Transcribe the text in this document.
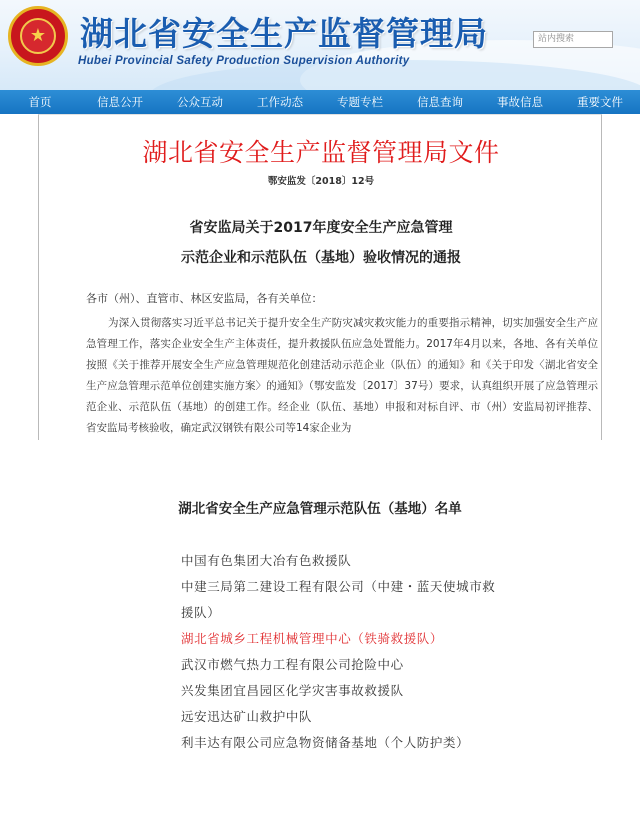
★	湖北省安全生产监督管理局
Hubei Provincial Safety Production Supervision Authority
站内搜索
首页	信息公开	公众互动	工作动态	专题专栏	信息查询	事故信息	重要文件
湖北省安全生产监督管理局文件
鄂安监发〔2018〕12号
省安监局关于2017年度安全生产应急管理
示范企业和示范队伍（基地）验收情况的通报
各市（州）、直管市、林区安监局，各有关单位：

为深入贯彻落实习近平总书记关于提升安全生产防灾减灾救灾能力的重要指示精神，切实加强安全生产应急管理工作，落实企业安全生产主体责任，提升救援队伍应急处置能力。2017年4月以来，各地、各有关单位按照《关于推荐开展安全生产应急管理规范化创建活动示范企业（队伍）的通知》和《关于印发〈湖北省安全生产应急管理示范单位创建实施方案〉的通知》（鄂安监发〔2017〕37号）要求，认真组织开展了应急管理示范企业、示范队伍（基地）的创建工作。经企业（队伍、基地）申报和对标自评、市（州）安监局初评推荐、省安监局考核验收，确定武汉钢铁有限公司等14家企业为

湖北省安全生产应急管理示范队伍（基地）名单
中国有色集团大冶有色救援队
中建三局第二建设工程有限公司（中建・蓝天使城市救
援队）
湖北省城乡工程机械管理中心（铁骑救援队）
武汉市燃气热力工程有限公司抢险中心
兴发集团宜昌园区化学灾害事故救援队
远安迅达矿山救护中队
利丰达有限公司应急物资储备基地（个人防护类）
